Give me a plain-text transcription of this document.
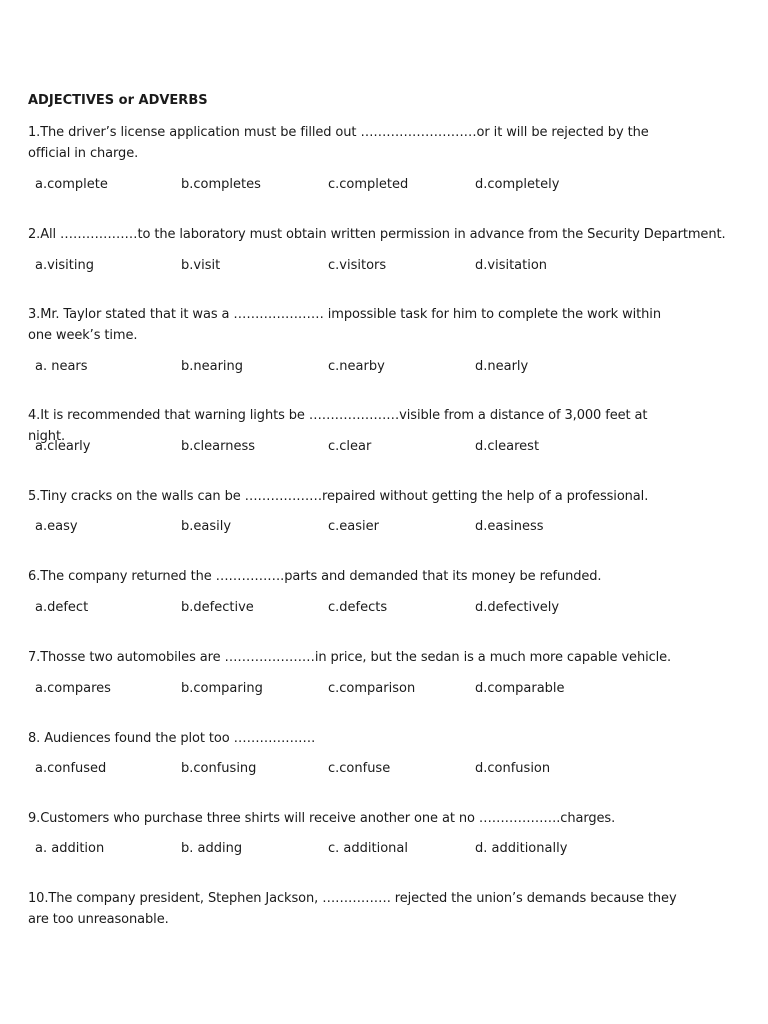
ADJECTIVES or ADVERBS
1.The driver’s license application must be filled out ………………………or it will be rejected by the official in charge.
a.complete	b.completes	c.completed	d.completely
2.All ………………to the laboratory must obtain written permission in advance from the Security Department.
a.visiting	b.visit	c.visitors	d.visitation
3.Mr. Taylor stated that it was a ………………… impossible task for him to complete the work within one week’s time.
a. nears	b.nearing	c.nearby	d.nearly
4.It is recommended that warning lights be …………………visible from a distance of 3,000 feet at night.
a.clearly	b.clearness	c.clear	d.clearest
5.Tiny cracks on the walls can be ………………repaired without getting the help of a professional.
a.easy	b.easily	c.easier	d.easiness
6.The company returned the …………….parts and demanded that its money be refunded.
a.defect	b.defective	c.defects	d.defectively
7.Thosse two automobiles are …………………in price, but the sedan is a much more capable vehicle.
a.compares	b.comparing	c.comparison	d.comparable
8. Audiences found the plot too ……………….
a.confused	b.confusing	c.confuse	d.confusion
9.Customers who purchase three shirts will receive another one at no ……………….charges.
a. addition	b. adding	c. additional	d. additionally
10.The company president, Stephen Jackson, ……………. rejected the union’s demands because they are too unreasonable.
